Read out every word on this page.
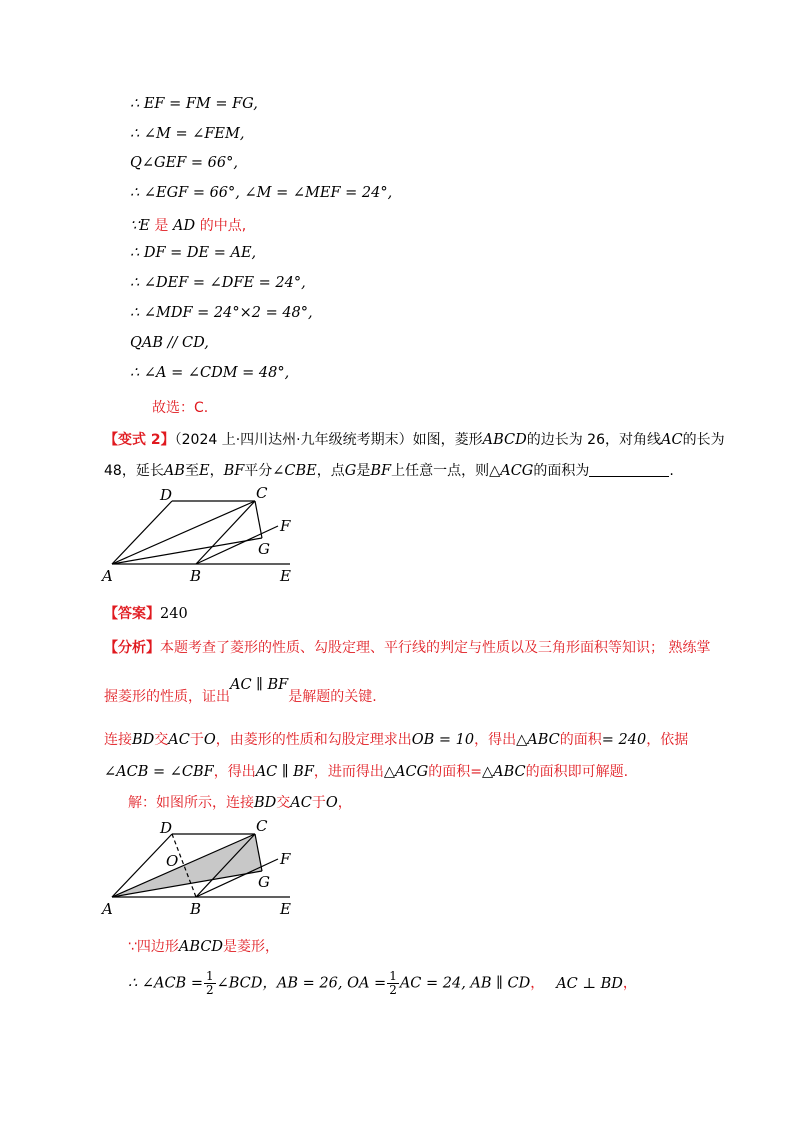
∴ EF = FM = FG,
∴ ∠M = ∠FEM,
Q∠GEF = 66°,
∴ ∠EGF = 66°, ∠M = ∠MEF = 24°,
∵E 是 AD 的中点,
∴ DF = DE = AE,
∴ ∠DEF = ∠DFE = 24°,
∴ ∠MDF = 24°×2 = 48°,
QAB // CD,
∴ ∠A = ∠CDM = 48°,
故选：C.
【变式 2】（2024 上·四川达州·九年级统考期末）如图，菱形ABCD的边长为 26，对角线AC的长为
48，延长AB至E，BF平分∠CBE，点G是BF上任意一点，则△ACG的面积为	.
A	B
C
D
E
F
G
【答案】240
【分析】本题考查了菱形的性质、勾股定理、平行线的判定与性质以及三角形面积等知识； 熟练掌
握菱形的性质，证出AC ∥ BF是解题的关键.
连接BD交AC于O，由菱形的性质和勾股定理求出OB = 10，得出△ABC的面积= 240，依据
∠ACB = ∠CBF，得出AC ∥ BF，进而得出△ACG的面积=△ABC的面积即可解题.
解：如图所示，连接BD交AC于O，
A	B
C
D
E
F
G
O
∵四边形ABCD是菱形，
∴ ∠ACB = $\frac{1}{2}$ ∠BCD，AB = 26, OA = $\frac{1}{2}$ AC = 24, AB ∥ CD， AC ⊥ BD，
